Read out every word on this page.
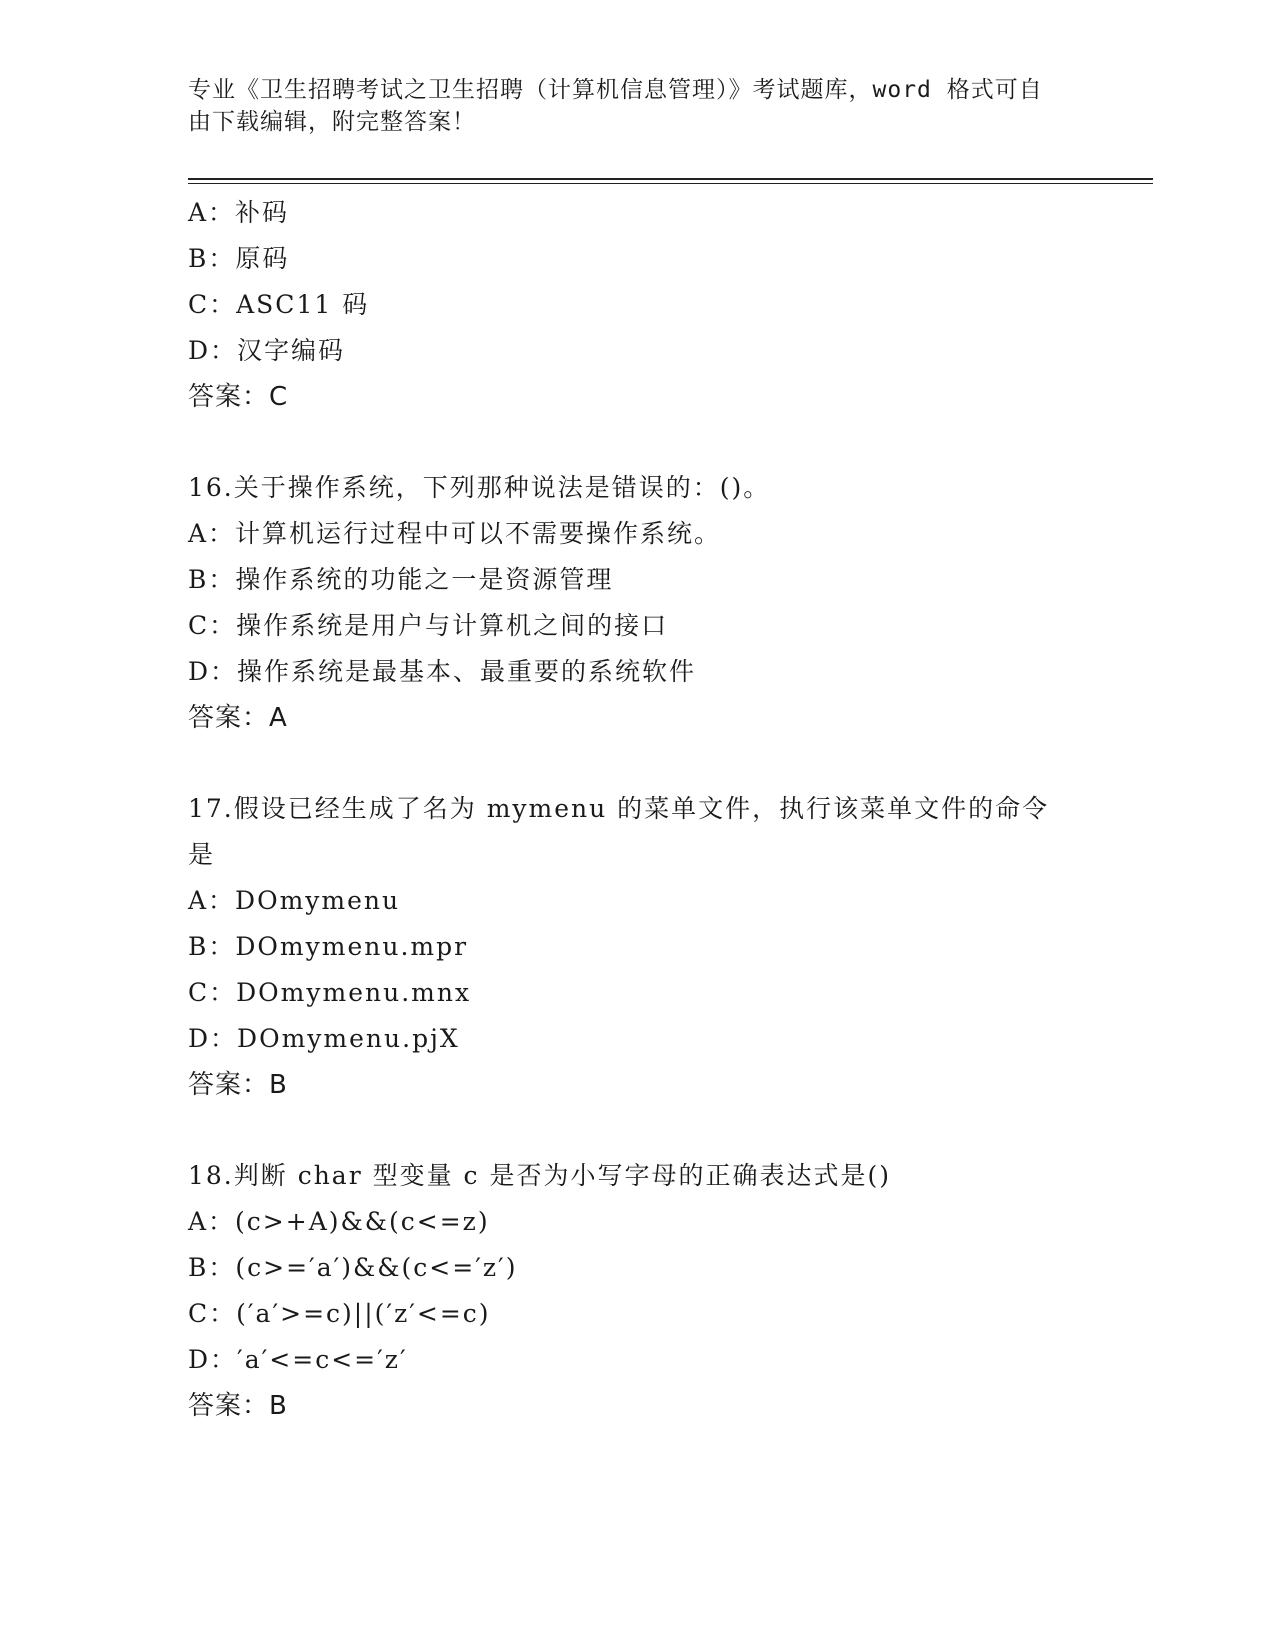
专业《卫生招聘考试之卫生招聘（计算机信息管理）》考试题库，word 格式可自
由下载编辑，附完整答案！
A：补码
B：原码
C：ASC11 码
D：汉字编码
答案：C
16.关于操作系统，下列那种说法是错误的：()。
A：计算机运行过程中可以不需要操作系统。
B：操作系统的功能之一是资源管理
C：操作系统是用户与计算机之间的接口
D：操作系统是最基本、最重要的系统软件
答案：A
17.假设已经生成了名为 mymenu 的菜单文件，执行该菜单文件的命令
是
A：DOmymenu
B：DOmymenu.mpr
C：DOmymenu.mnx
D：DOmymenu.pjX
答案：B
18.判断 char 型变量 c 是否为小写字母的正确表达式是()
A：(c>+A)&&(c<=z)
B：(c>=′a′)&&(c<=′z′)
C：(′a′>=c)||(′z′<=c)
D：′a′<=c<=′z′
答案：B
